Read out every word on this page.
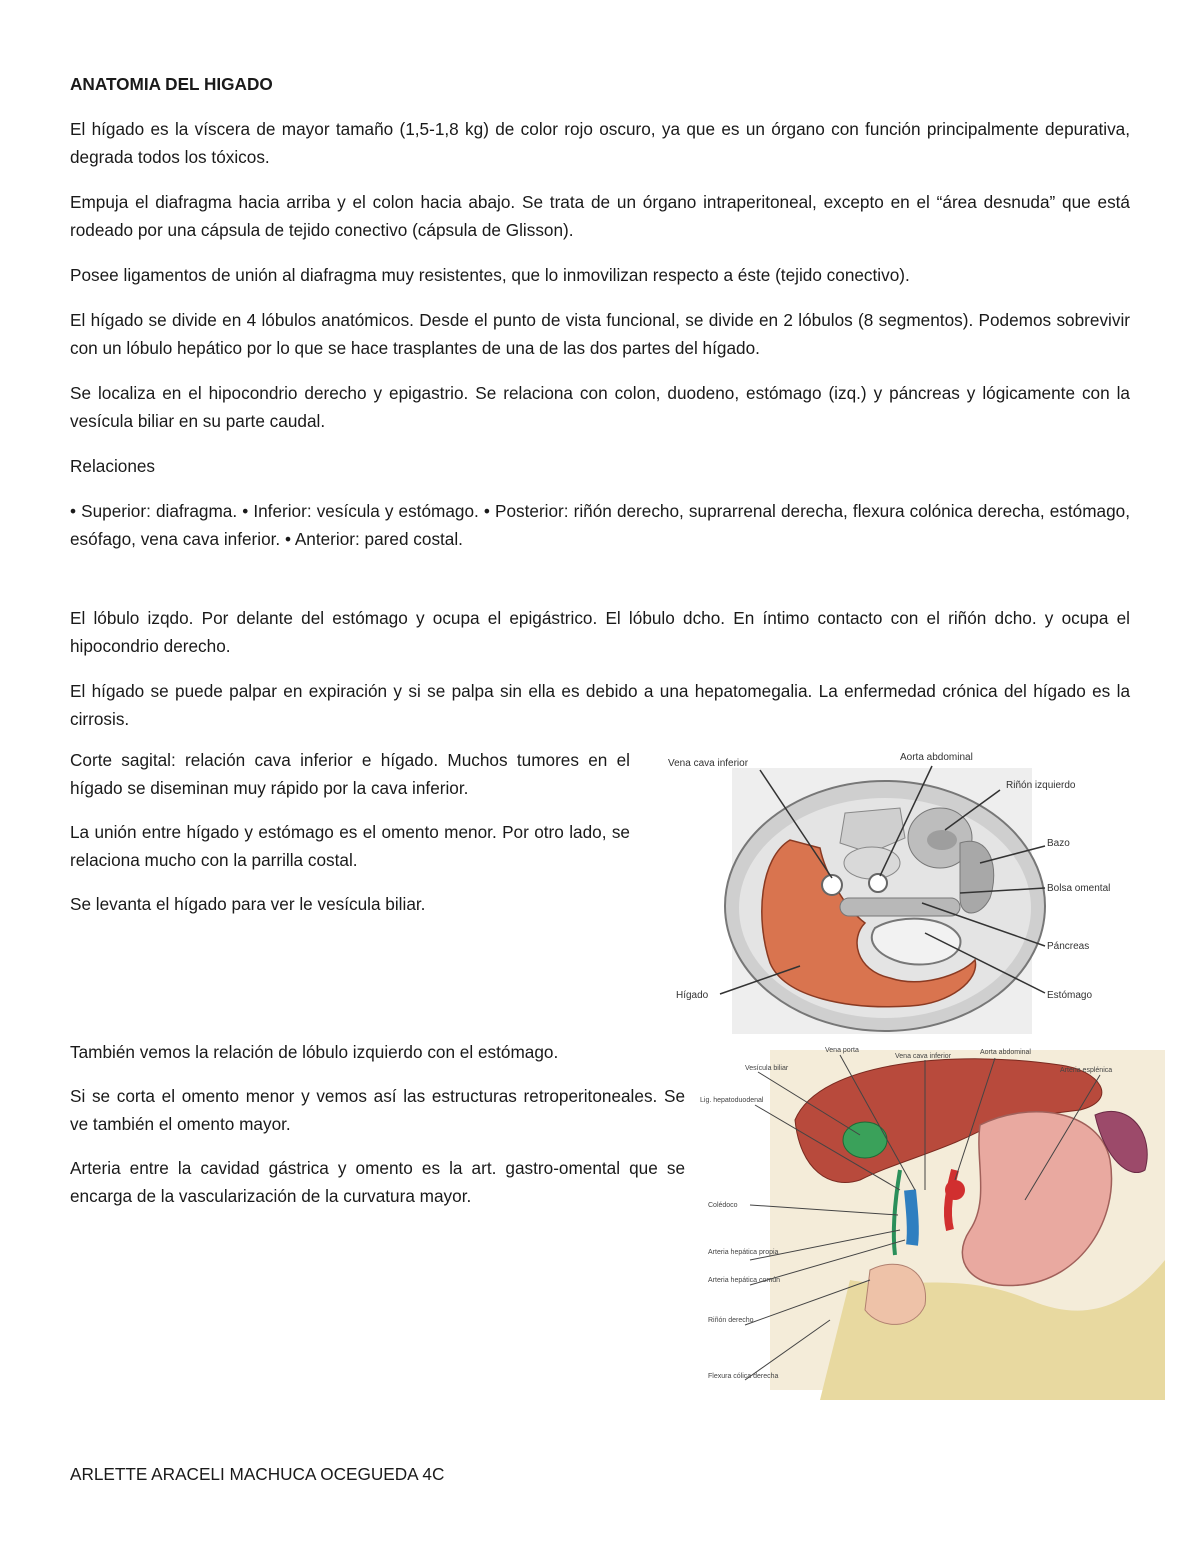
ANATOMIA DEL HIGADO

El hígado es la víscera de mayor tamaño (1,5-1,8 kg) de color rojo oscuro, ya que es un órgano con función principalmente depurativa, degrada todos los tóxicos.

Empuja el diafragma hacia arriba y el colon hacia abajo. Se trata de un órgano intraperitoneal, excepto en el “área desnuda” que está rodeado por una cápsula de tejido conectivo (cápsula de Glisson).

Posee ligamentos de unión al diafragma muy resistentes, que lo inmovilizan respecto a éste (tejido conectivo).

El hígado se divide en 4 lóbulos anatómicos. Desde el punto de vista funcional, se divide en 2 lóbulos (8 segmentos). Podemos sobrevivir con un lóbulo hepático por lo que se hace trasplantes de una de las dos partes del hígado.

Se localiza en el hipocondrio derecho y epigastrio. Se relaciona con colon, duodeno, estómago (izq.) y páncreas y lógicamente con la vesícula biliar en su parte caudal.

Relaciones

• Superior: diafragma. • Inferior: vesícula y estómago. • Posterior: riñón derecho, suprarrenal derecha, flexura colónica derecha, estómago, esófago, vena cava inferior. • Anterior: pared costal.

El lóbulo izqdo. Por delante del estómago y ocupa el epigástrico. El lóbulo dcho. En íntimo contacto con el riñón dcho. y ocupa el hipocondrio derecho.

El hígado se puede palpar en expiración y si se palpa sin ella es debido a una hepatomegalia. La enfermedad crónica del hígado es la cirrosis.

Corte sagital: relación cava inferior e hígado. Muchos tumores en el hígado se diseminan muy rápido por la cava inferior.

La unión entre hígado y estómago es el omento menor. Por otro lado, se relaciona mucho con la parrilla costal.

Se levanta el hígado para ver le vesícula biliar.

También vemos la relación de lóbulo izquierdo con el estómago.

Si se corta el omento menor y vemos así las estructuras retroperitoneales. Se ve también el omento mayor.

Arteria entre la cavidad gástrica y omento es la art. gastro-omental que se encarga de la vascularización de la curvatura mayor.

Vena cava inferior
Aorta abdominal
Riñón izquierdo
Bazo
Bolsa omental
Páncreas
Estómago
Hígado
Vesícula biliar
Vena porta
Vena cava inferior
Aorta abdominal
Arteria esplénica
Lig. hepatoduodenal
Colédoco
Arteria hepática propia
Arteria hepática común
Riñón derecho
Flexura cólica derecha
ARLETTE ARACELI MACHUCA OCEGUEDA 4C
